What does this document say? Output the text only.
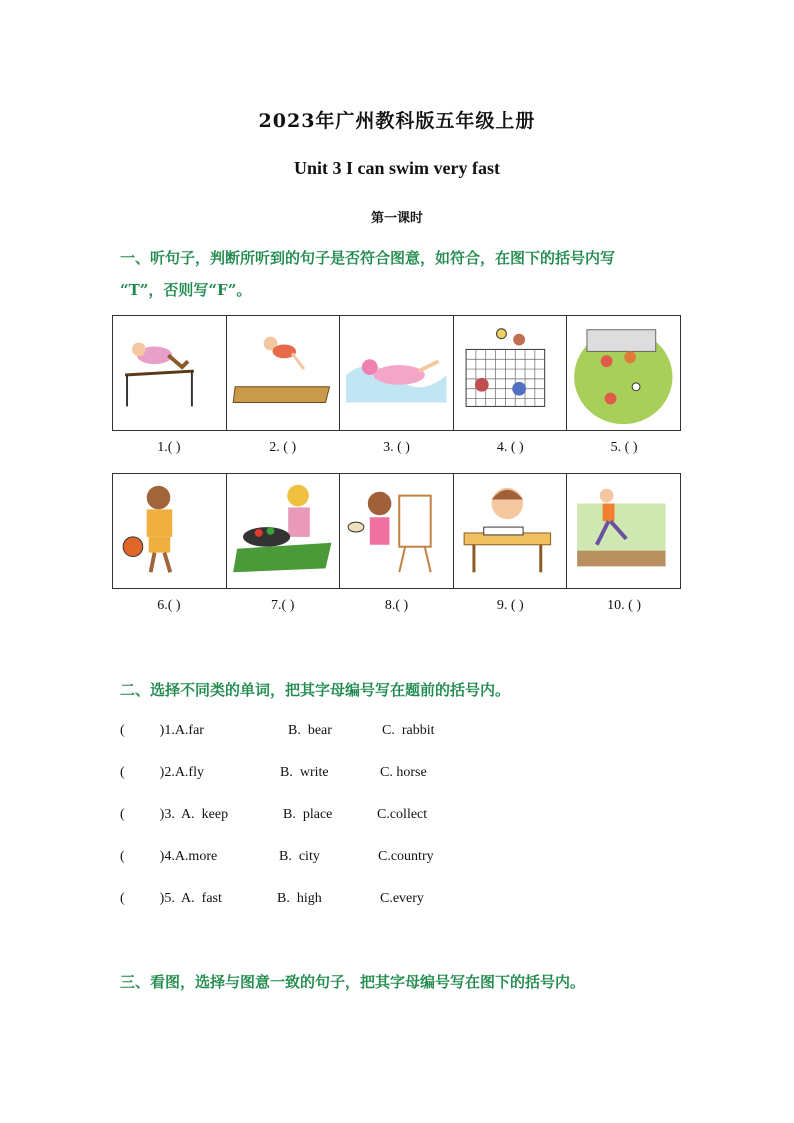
2023年广州教科版五年级上册
Unit 3 I can swim very fast
第一课时
一、听句子，判断所听到的句子是否符合图意，如符合，在图下的括号内写
“T”，否则写“F”。
1.( )	2. ( )	3. ( )	4. ( )	5. ( )
6.( )	7.( )	8.( )	9. ( )	10. ( )
二、选择不同类的单词，把其字母编号写在题前的括号内。
(          )1.A.far	B.  bear	C.  rabbit
(          )2.A.fly	B.  write	C. horse
(          )3.  A.  keep	B.  place	C.collect
(          )4.A.more	B.  city	C.country
(          )5.  A.  fast	B.  high	C.every
三、看图，选择与图意一致的句子，把其字母编号写在图下的括号内。
